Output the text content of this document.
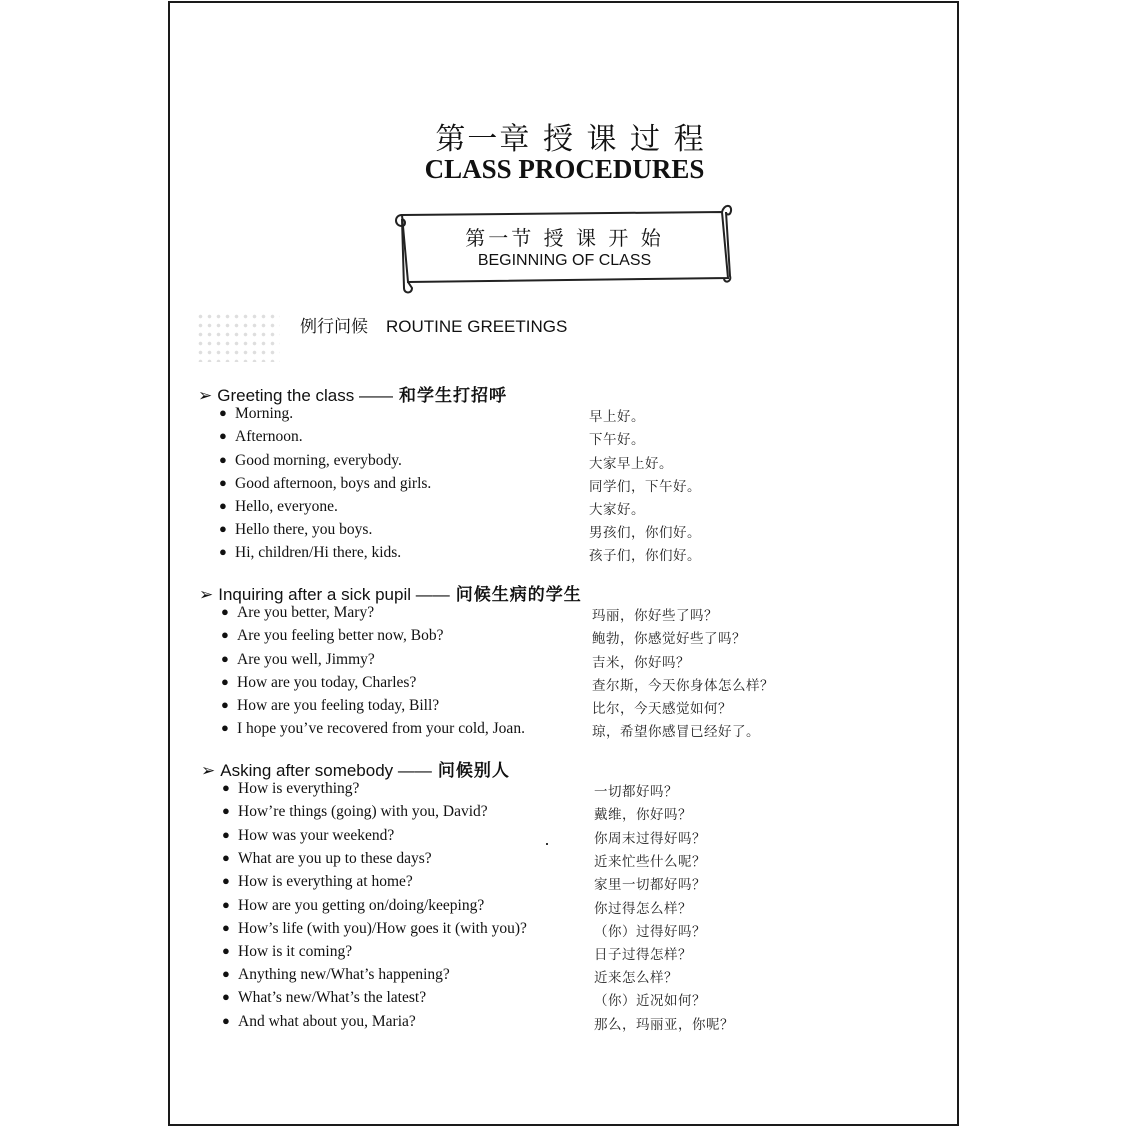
第一章 授 课 过 程
CLASS PROCEDURES
第一节 授 课 开 始
BEGINNING OF CLASS
例行问候 ROUTINE GREETINGS
➢ Greeting the class —— 和学生打招呼
● Morning.	早上好。
● Afternoon.	下午好。
● Good morning, everybody.	大家早上好。
● Good afternoon, boys and girls.	同学们，下午好。
● Hello, everyone.	大家好。
● Hello there, you boys.	男孩们，你们好。
● Hi, children/Hi there, kids.	孩子们，你们好。
➢ Inquiring after a sick pupil —— 问候生病的学生
● Are you better, Mary?	玛丽，你好些了吗？
● Are you feeling better now, Bob?	鲍勃，你感觉好些了吗？
● Are you well, Jimmy?	吉米，你好吗？
● How are you today, Charles?	查尔斯，今天你身体怎么样？
● How are you feeling today, Bill?	比尔，今天感觉如何？
● I hope you’ve recovered from your cold, Joan.	琼，希望你感冒已经好了。
➢ Asking after somebody —— 问候别人
● How is everything?	一切都好吗？
● How’re things (going) with you, David?	戴维，你好吗？
● How was your weekend?	你周末过得好吗？
● What are you up to these days?	近来忙些什么呢？
● How is everything at home?	家里一切都好吗？
● How are you getting on/doing/keeping?	你过得怎么样？
● How’s life (with you)/How goes it (with you)?	（你）过得好吗？
● How is it coming?	日子过得怎样？
● Anything new/What’s happening?	近来怎么样？
● What’s new/What’s the latest?	（你）近况如何？
● And what about you, Maria?	那么，玛丽亚，你呢？
